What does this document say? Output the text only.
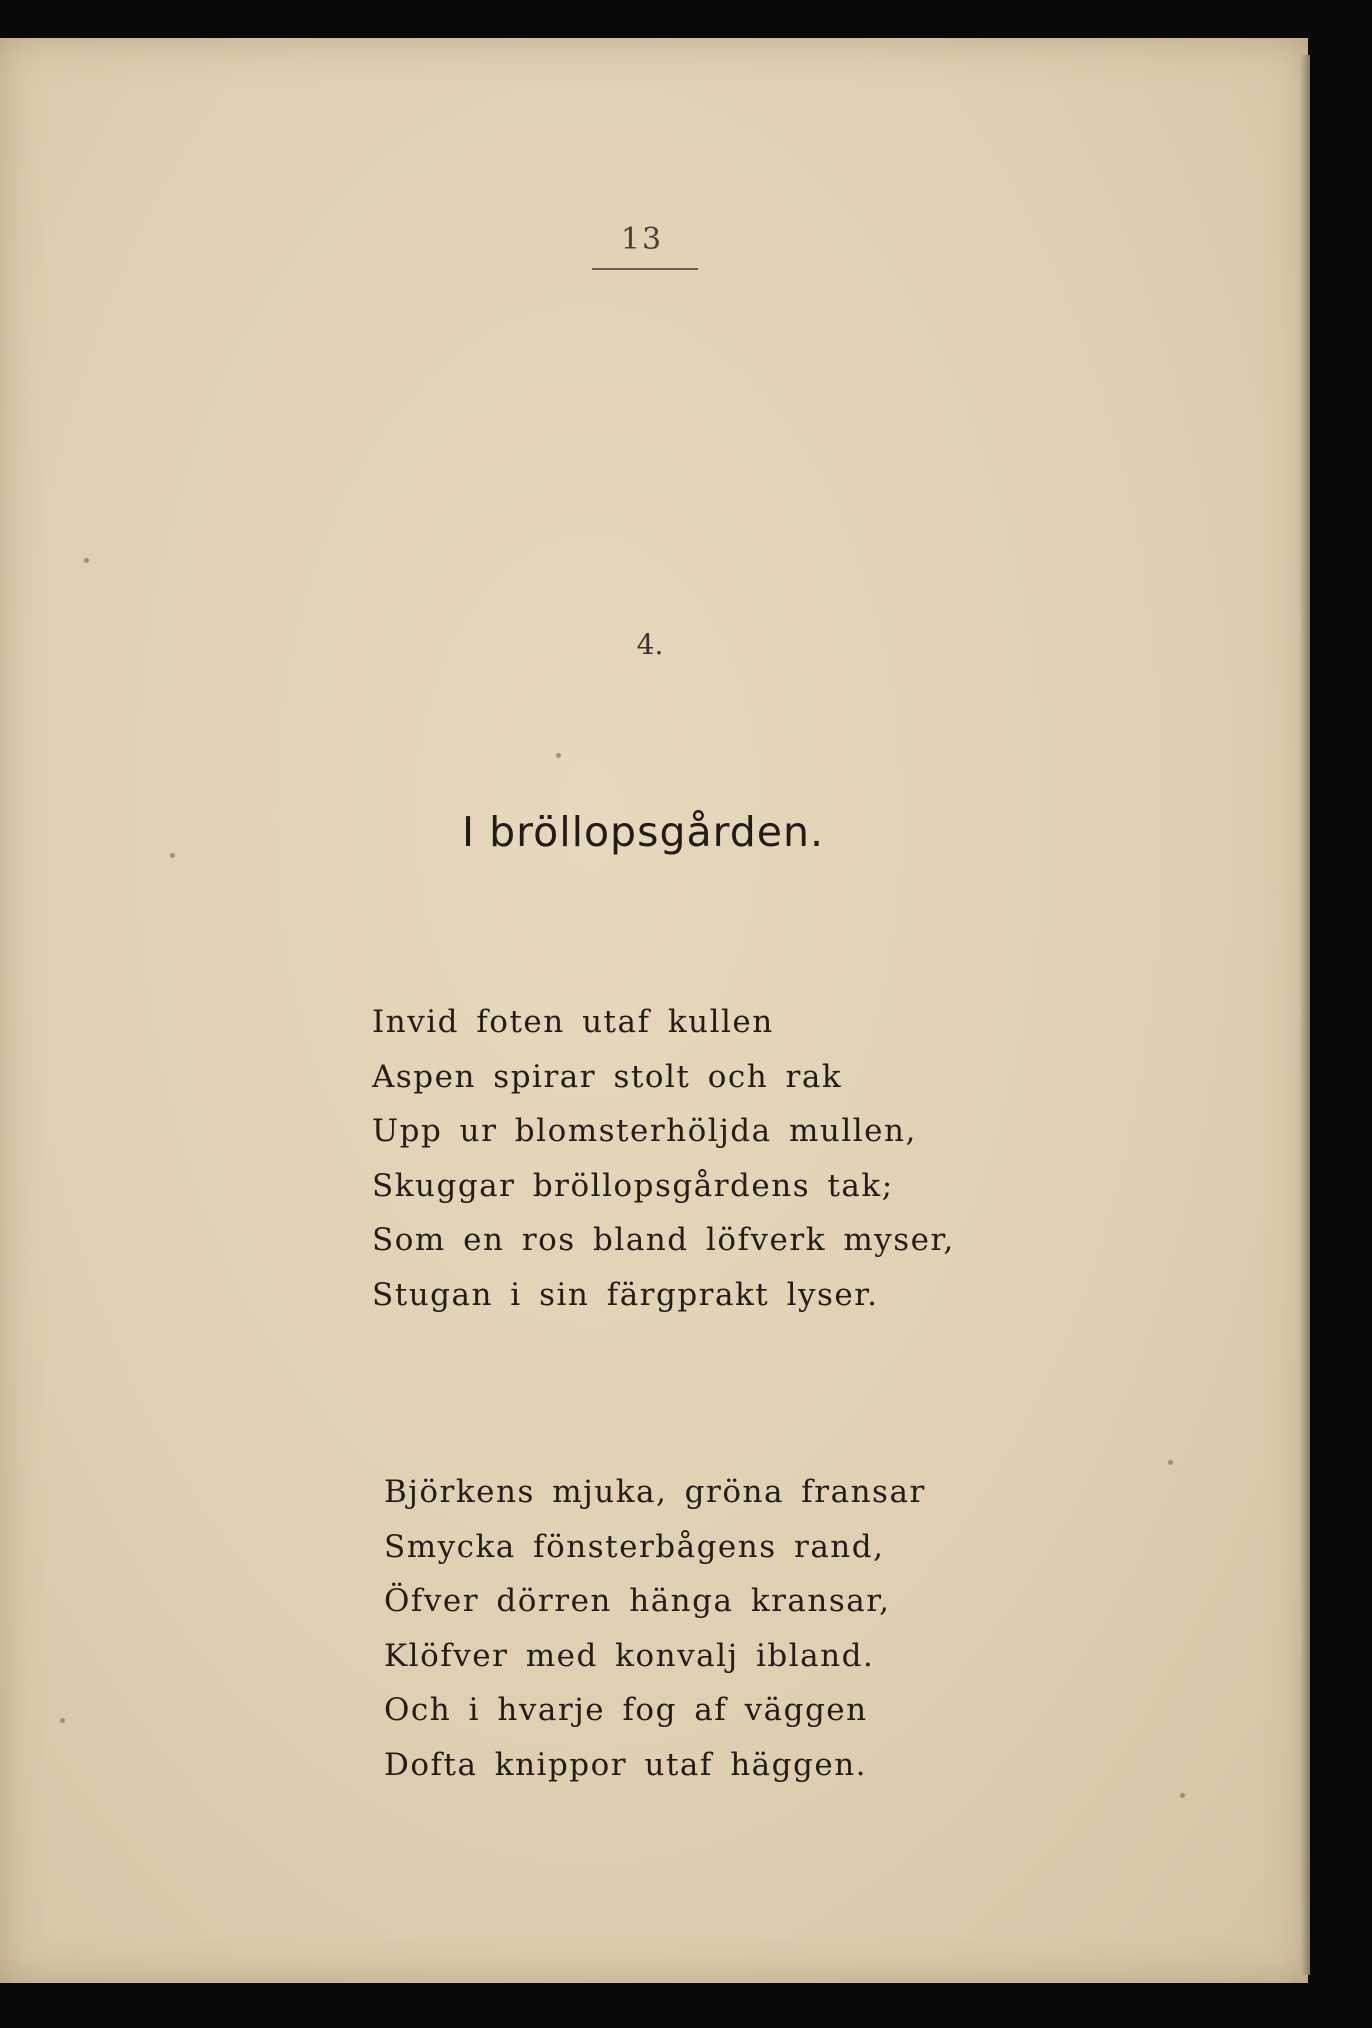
13
4.
I bröllopsgården.
Invid foten utaf kullen
Aspen spirar stolt och rak
Upp ur blomsterhöljda mullen,
Skuggar bröllopsgårdens tak;
Som en ros bland löfverk myser,
Stugan i sin färgprakt lyser.
Björkens mjuka, gröna fransar
Smycka fönsterbågens rand,
Öfver dörren hänga kransar,
Klöfver med konvalj ibland.
Och i hvarje fog af väggen
Dofta knippor utaf häggen.
